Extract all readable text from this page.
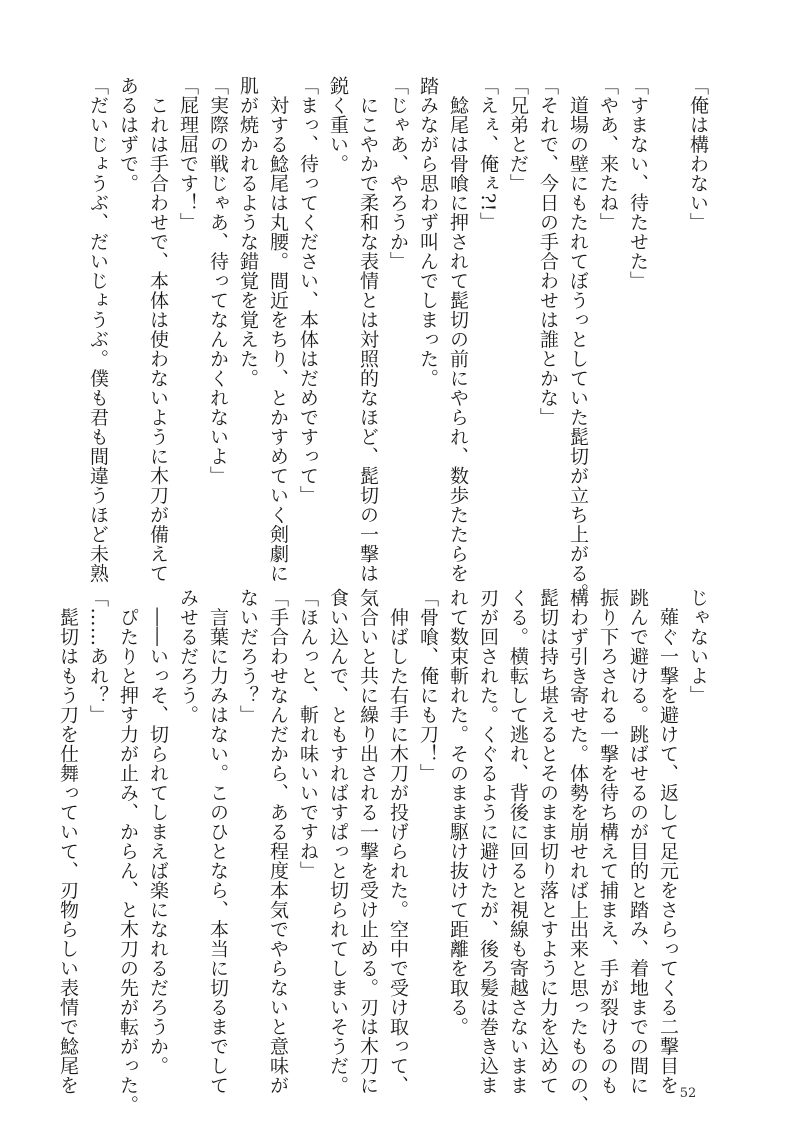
「俺は構わない」

「すまない、待たせた」
「やあ、来たね」
　道場の壁にもたれてぼうっとしていた髭切が立ち上がる。
「それで、今日の手合わせは誰とかな」
「兄弟とだ」
「えぇ、俺ぇ?!」
　鯰尾は骨喰に押されて髭切の前にやられ、数歩たたらを
踏みながら思わず叫んでしまった。
「じゃあ、やろうか」
　にこやかで柔和な表情とは対照的なほど、髭切の一撃は
鋭く重い。
「まっ、待ってください、本体はだめですって」
　対する鯰尾は丸腰。間近をちり、とかすめていく剣劇に
肌が焼かれるような錯覚を覚えた。
「実際の戦じゃあ、待ってなんかくれないよ」
「屁理屈です！」
　これは手合わせで、本体は使わないように木刀が備えて
あるはずで。
「だいじょうぶ、だいじょうぶ。僕も君も間違うほど未熟
じゃないよ」
　薙ぐ一撃を避けて、返して足元をさらってくる二撃目を
跳んで避ける。跳ばせるのが目的と踏み、着地までの間に
振り下ろされる一撃を待ち構えて捕まえ、手が裂けるのも
構わず引き寄せた。体勢を崩せれば上出来と思ったものの、
髭切は持ち堪えるとそのまま切り落とすように力を込めて
くる。横転して逃れ、背後に回ると視線も寄越さないまま
刃が回された。くぐるように避けたが、後ろ髪は巻き込ま
れて数束斬れた。そのまま駆け抜けて距離を取る。
「骨喰、俺にも刀！」
　伸ばした右手に木刀が投げられた。空中で受け取って、
気合いと共に繰り出される一撃を受け止める。刃は木刀に
食い込んで、ともすればすぱっと切られてしまいそうだ。
「ほんっと、斬れ味いいですね」
「手合わせなんだから、ある程度本気でやらないと意味が
ないだろう？」
　言葉に力みはない。このひとなら、本当に切るまでして
みせるだろう。
　――いっそ、切られてしまえば楽になれるだろうか。
　ぴたりと押す力が止み、からん、と木刀の先が転がった。
「……あれ？」
　髭切はもう刀を仕舞っていて、刃物らしい表情で鯰尾を	52
